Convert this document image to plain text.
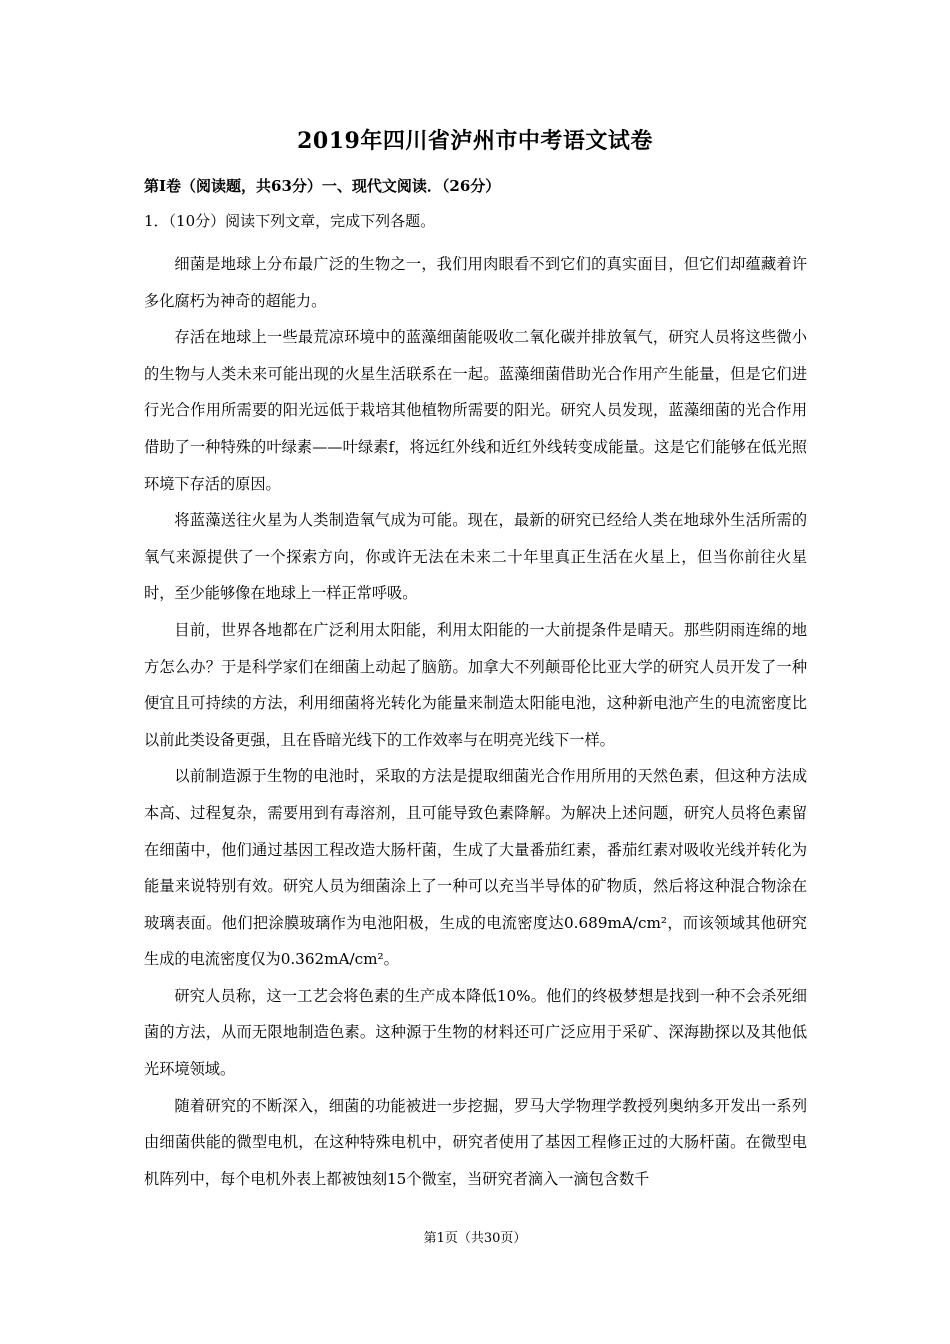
2019年四川省泸州市中考语文试卷
第Ⅰ卷（阅读题，共63分）一、现代文阅读．（26分）
1．（10分）阅读下列文章，完成下列各题。

细菌是地球上分布最广泛的生物之一，我们用肉眼看不到它们的真实面目，但它们却蕴藏着许多化腐朽为神奇的超能力。

存活在地球上一些最荒凉环境中的蓝藻细菌能吸收二氧化碳并排放氧气，研究人员将这些微小的生物与人类未来可能出现的火星生活联系在一起。蓝藻细菌借助光合作用产生能量，但是它们进行光合作用所需要的阳光远低于栽培其他植物所需要的阳光。研究人员发现，蓝藻细菌的光合作用借助了一种特殊的叶绿素——叶绿素f，将远红外线和近红外线转变成能量。这是它们能够在低光照环境下存活的原因。

将蓝藻送往火星为人类制造氧气成为可能。现在，最新的研究已经给人类在地球外生活所需的氧气来源提供了一个探索方向，你或许无法在未来二十年里真正生活在火星上，但当你前往火星时，至少能够像在地球上一样正常呼吸。

目前，世界各地都在广泛利用太阳能，利用太阳能的一大前提条件是晴天。那些阴雨连绵的地方怎么办？于是科学家们在细菌上动起了脑筋。加拿大不列颠哥伦比亚大学的研究人员开发了一种便宜且可持续的方法，利用细菌将光转化为能量来制造太阳能电池，这种新电池产生的电流密度比以前此类设备更强，且在昏暗光线下的工作效率与在明亮光线下一样。

以前制造源于生物的电池时，采取的方法是提取细菌光合作用所用的天然色素，但这种方法成本高、过程复杂，需要用到有毒溶剂，且可能导致色素降解。为解决上述问题，研究人员将色素留在细菌中，他们通过基因工程改造大肠杆菌，生成了大量番茄红素，番茄红素对吸收光线并转化为能量来说特别有效。研究人员为细菌涂上了一种可以充当半导体的矿物质，然后将这种混合物涂在玻璃表面。他们把涂膜玻璃作为电池阳极，生成的电流密度达0.689mA/cm²，而该领域其他研究生成的电流密度仅为0.362mA/cm²。

研究人员称，这一工艺会将色素的生产成本降低10%。他们的终极梦想是找到一种不会杀死细菌的方法，从而无限地制造色素。这种源于生物的材料还可广泛应用于采矿、深海勘探以及其他低光环境领域。

随着研究的不断深入，细菌的功能被进一步挖掘，罗马大学物理学教授列奥纳多开发出一系列由细菌供能的微型电机，在这种特殊电机中，研究者使用了基因工程修正过的大肠杆菌。在微型电机阵列中，每个电机外表上都被蚀刻15个微室，当研究者滴入一滴包含数千

第1页（共30页）
